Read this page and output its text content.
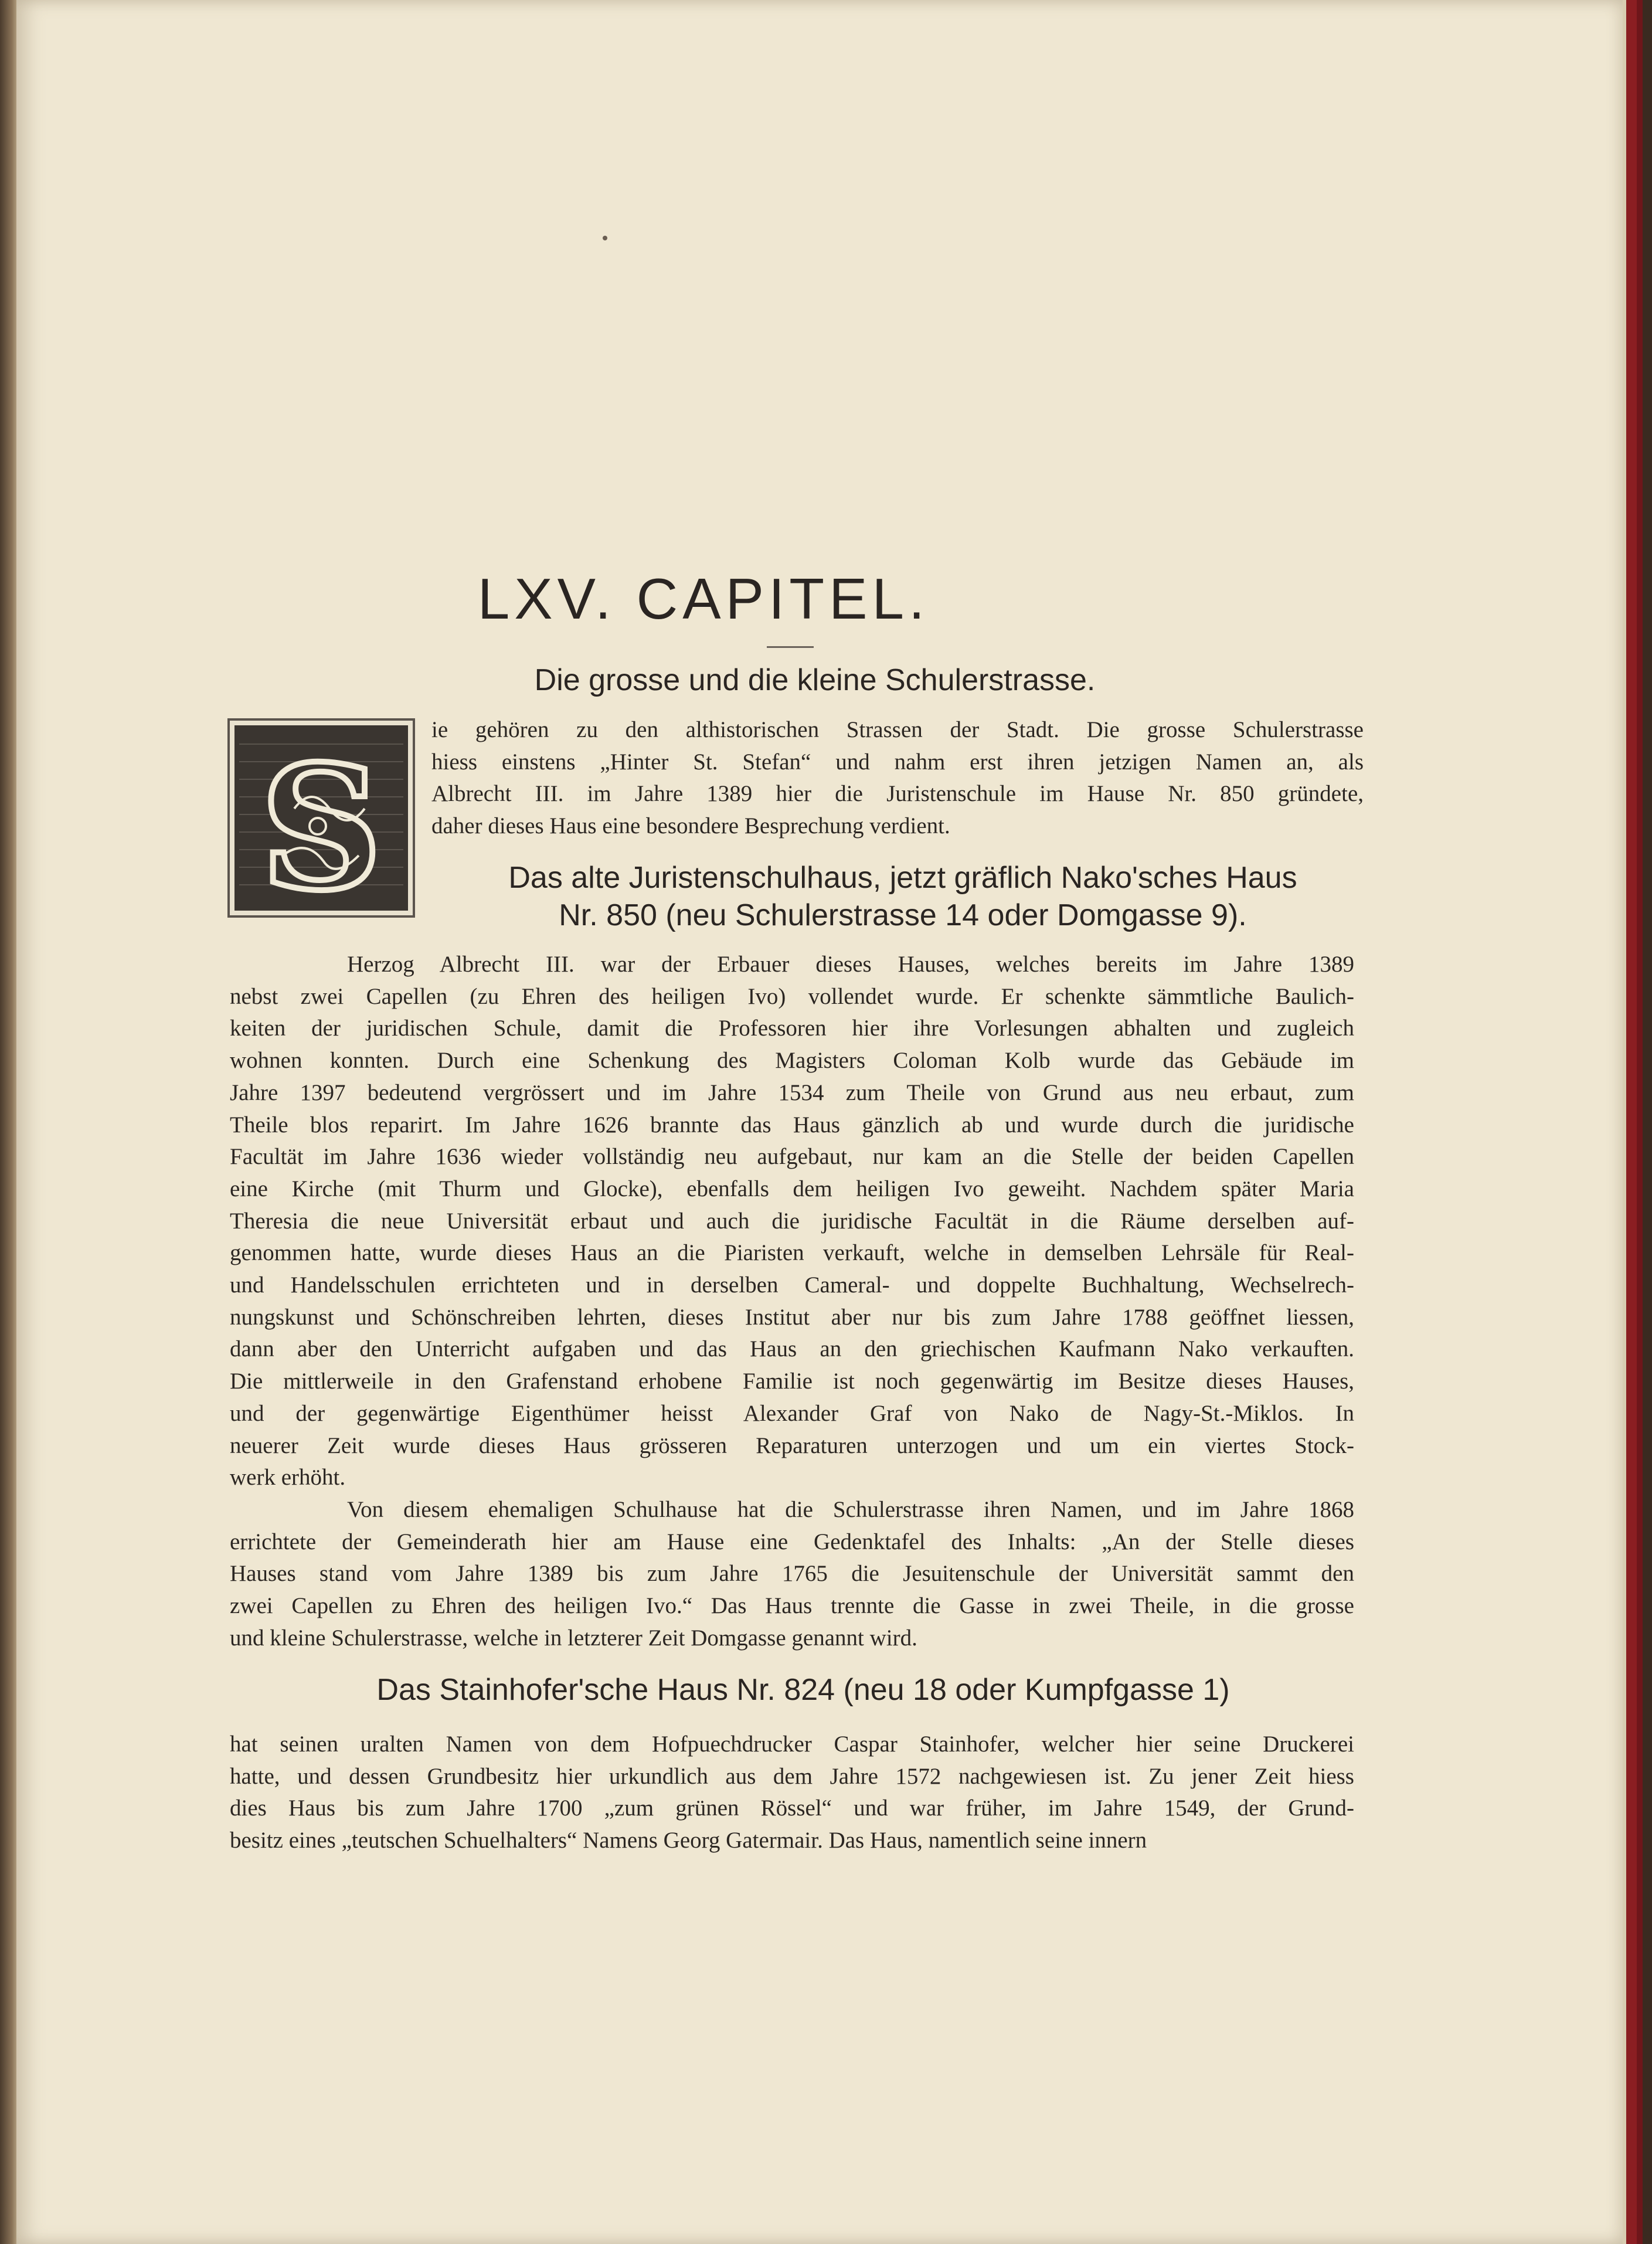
LXV. CAPITEL.
Die grosse und die kleine Schulerstrasse.
S ie gehören zu den althistorischen Strassen der Stadt. Die grosse Schulerstrasse
hiess einstens „Hinter St. Stefan“ und nahm erst ihren jetzigen Namen an, als
Albrecht III. im Jahre 1389 hier die Juristenschule im Hause Nr. 850 gründete,
daher dieses Haus eine besondere Besprechung verdient.
Das alte Juristenschulhaus, jetzt gräflich Nako'sches Haus
Nr. 850 (neu Schulerstrasse 14 oder Domgasse 9).
Herzog Albrecht III. war der Erbauer dieses Hauses, welches bereits im Jahre 1389
nebst zwei Capellen (zu Ehren des heiligen Ivo) vollendet wurde. Er schenkte sämmtliche Baulich-
keiten der juridischen Schule, damit die Professoren hier ihre Vorlesungen abhalten und zugleich
wohnen konnten. Durch eine Schenkung des Magisters Coloman Kolb wurde das Gebäude im
Jahre 1397 bedeutend vergrössert und im Jahre 1534 zum Theile von Grund aus neu erbaut, zum
Theile blos reparirt. Im Jahre 1626 brannte das Haus gänzlich ab und wurde durch die juridische
Facultät im Jahre 1636 wieder vollständig neu aufgebaut, nur kam an die Stelle der beiden Capellen
eine Kirche (mit Thurm und Glocke), ebenfalls dem heiligen Ivo geweiht. Nachdem später Maria
Theresia die neue Universität erbaut und auch die juridische Facultät in die Räume derselben auf-
genommen hatte, wurde dieses Haus an die Piaristen verkauft, welche in demselben Lehrsäle für Real-
und Handelsschulen errichteten und in derselben Cameral- und doppelte Buchhaltung, Wechselrech-
nungskunst und Schönschreiben lehrten, dieses Institut aber nur bis zum Jahre 1788 geöffnet liessen,
dann aber den Unterricht aufgaben und das Haus an den griechischen Kaufmann Nako verkauften.
Die mittlerweile in den Grafenstand erhobene Familie ist noch gegenwärtig im Besitze dieses Hauses,
und der gegenwärtige Eigenthümer heisst Alexander Graf von Nako de Nagy-St.-Miklos. In
neuerer Zeit wurde dieses Haus grösseren Reparaturen unterzogen und um ein viertes Stock-
werk erhöht.
Von diesem ehemaligen Schulhause hat die Schulerstrasse ihren Namen, und im Jahre 1868
errichtete der Gemeinderath hier am Hause eine Gedenktafel des Inhalts: „An der Stelle dieses
Hauses stand vom Jahre 1389 bis zum Jahre 1765 die Jesuitenschule der Universität sammt den
zwei Capellen zu Ehren des heiligen Ivo.“ Das Haus trennte die Gasse in zwei Theile, in die grosse
und kleine Schulerstrasse, welche in letzterer Zeit Domgasse genannt wird.
Das Stainhofer'sche Haus Nr. 824 (neu 18 oder Kumpfgasse 1)
hat seinen uralten Namen von dem Hofpuechdrucker Caspar Stainhofer, welcher hier seine Druckerei
hatte, und dessen Grundbesitz hier urkundlich aus dem Jahre 1572 nachgewiesen ist. Zu jener Zeit hiess
dies Haus bis zum Jahre 1700 „zum grünen Rössel“ und war früher, im Jahre 1549, der Grund-
besitz eines „teutschen Schuelhalters“ Namens Georg Gatermair. Das Haus, namentlich seine innern
